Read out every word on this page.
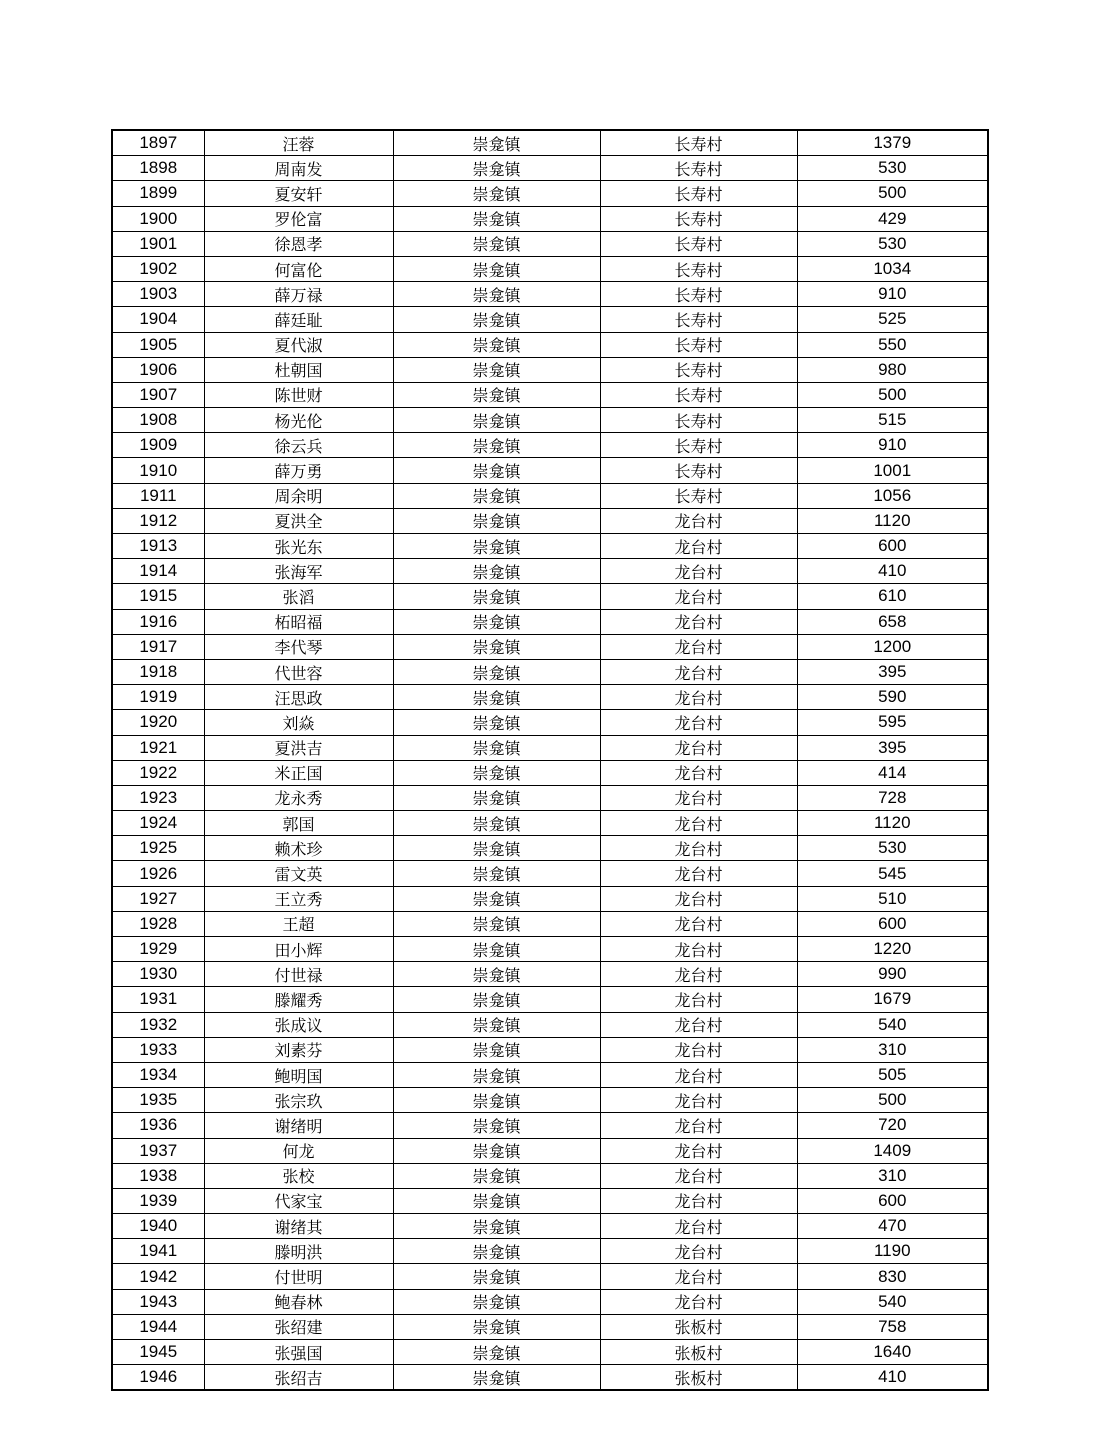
1897	汪蓉	崇龛镇	长寿村	1379
1898	周南发	崇龛镇	长寿村	530
1899	夏安轩	崇龛镇	长寿村	500
1900	罗伦富	崇龛镇	长寿村	429
1901	徐恩孝	崇龛镇	长寿村	530
1902	何富伦	崇龛镇	长寿村	1034
1903	薛万禄	崇龛镇	长寿村	910
1904	薛廷耻	崇龛镇	长寿村	525
1905	夏代淑	崇龛镇	长寿村	550
1906	杜朝国	崇龛镇	长寿村	980
1907	陈世财	崇龛镇	长寿村	500
1908	杨光伦	崇龛镇	长寿村	515
1909	徐云兵	崇龛镇	长寿村	910
1910	薛万勇	崇龛镇	长寿村	1001
1911	周余明	崇龛镇	长寿村	1056
1912	夏洪全	崇龛镇	龙台村	1120
1913	张光东	崇龛镇	龙台村	600
1914	张海军	崇龛镇	龙台村	410
1915	张滔	崇龛镇	龙台村	610
1916	柘昭福	崇龛镇	龙台村	658
1917	李代琴	崇龛镇	龙台村	1200
1918	代世容	崇龛镇	龙台村	395
1919	汪思政	崇龛镇	龙台村	590
1920	刘焱	崇龛镇	龙台村	595
1921	夏洪吉	崇龛镇	龙台村	395
1922	米正国	崇龛镇	龙台村	414
1923	龙永秀	崇龛镇	龙台村	728
1924	郭国	崇龛镇	龙台村	1120
1925	赖术珍	崇龛镇	龙台村	530
1926	雷文英	崇龛镇	龙台村	545
1927	王立秀	崇龛镇	龙台村	510
1928	王超	崇龛镇	龙台村	600
1929	田小辉	崇龛镇	龙台村	1220
1930	付世禄	崇龛镇	龙台村	990
1931	滕耀秀	崇龛镇	龙台村	1679
1932	张成议	崇龛镇	龙台村	540
1933	刘素芬	崇龛镇	龙台村	310
1934	鲍明国	崇龛镇	龙台村	505
1935	张宗玖	崇龛镇	龙台村	500
1936	谢绪明	崇龛镇	龙台村	720
1937	何龙	崇龛镇	龙台村	1409
1938	张校	崇龛镇	龙台村	310
1939	代家宝	崇龛镇	龙台村	600
1940	谢绪其	崇龛镇	龙台村	470
1941	滕明洪	崇龛镇	龙台村	1190
1942	付世明	崇龛镇	龙台村	830
1943	鲍春林	崇龛镇	龙台村	540
1944	张绍建	崇龛镇	张板村	758
1945	张强国	崇龛镇	张板村	1640
1946	张绍吉	崇龛镇	张板村	410
